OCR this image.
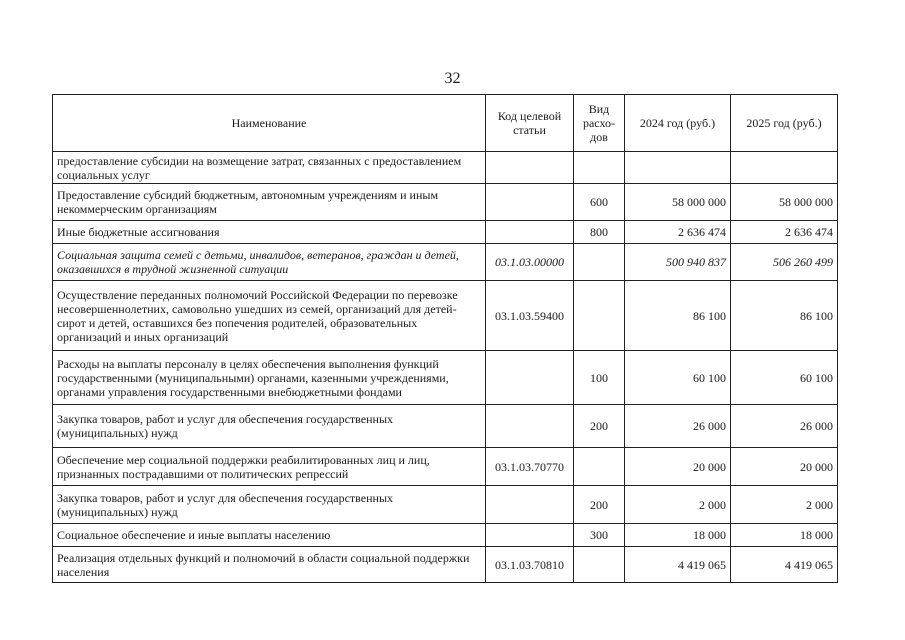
32
Наименование	Код целевой статьи	Вид расхо-дов	2024 год (руб.)	2025 год (руб.)
предоставление субсидии на возмещение затрат, связанных с предоставлением социальных услуг				
Предоставление субсидий бюджетным, автономным учреждениям и иным некоммерческим организациям		600	58 000 000	58 000 000
Иные бюджетные ассигнования		800	2 636 474	2 636 474
Социальная защита семей с детьми, инвалидов, ветеранов, граждан и детей, оказавшихся в трудной жизненной ситуации	03.1.03.00000		500 940 837	506 260 499
Осуществление переданных полномочий Российской Федерации по перевозке несовершеннолетних, самовольно ушедших из семей, организаций для детей-сирот и детей, оставшихся без попечения родителей, образовательных организаций и иных организаций	03.1.03.59400		86 100	86 100
Расходы на выплаты персоналу в целях обеспечения выполнения функций государственными (муниципальными) органами, казенными учреждениями, органами управления государственными внебюджетными фондами		100	60 100	60 100
Закупка товаров, работ и услуг для обеспечения государственных (муниципальных) нужд		200	26 000	26 000
Обеспечение мер социальной поддержки реабилитированных лиц и лиц, признанных пострадавшими от политических репрессий	03.1.03.70770		20 000	20 000
Закупка товаров, работ и услуг для обеспечения государственных (муниципальных) нужд		200	2 000	2 000
Социальное обеспечение и иные выплаты населению		300	18 000	18 000
Реализация отдельных функций и полномочий в области социальной поддержки населения	03.1.03.70810		4 419 065	4 419 065
